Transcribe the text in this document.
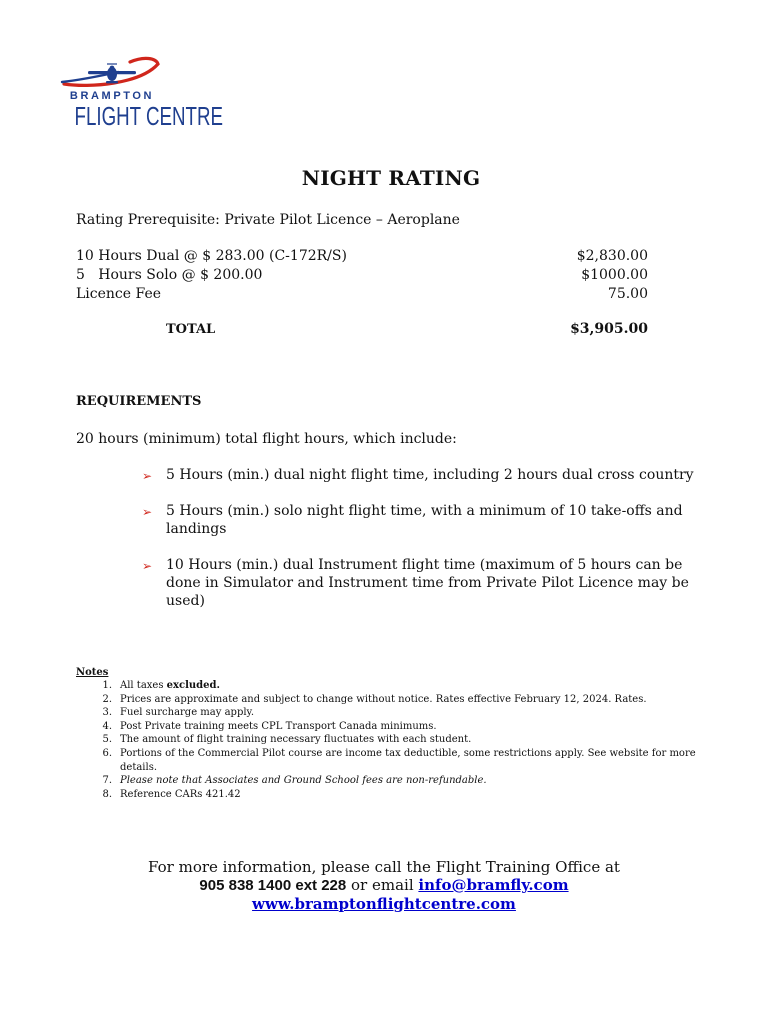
BRAMPTON
FLIGHT CENTRE
NIGHT RATING
Rating Prerequisite: Private Pilot Licence – Aeroplane
10 Hours Dual @ $ 283.00 (C-172R/S)	$2,830.00
5   Hours Solo @ $ 200.00	$1000.00
Licence Fee	75.00
TOTAL	$3,905.00
REQUIREMENTS
20 hours (minimum) total flight hours, which include:
➢ 5 Hours (min.) dual night flight time, including 2 hours dual cross country
➢ 5 Hours (min.) solo night flight time, with a minimum of 10 take-offs and landings
➢ 10 Hours (min.) dual Instrument flight time (maximum of 5 hours can be done in Simulator and Instrument time from Private Pilot Licence may be used)
Notes
1. All taxes excluded.
2. Prices are approximate and subject to change without notice. Rates effective February 12, 2024. Rates.
3. Fuel surcharge may apply.
4. Post Private training meets CPL Transport Canada minimums.
5. The amount of flight training necessary fluctuates with each student.
6. Portions of the Commercial Pilot course are income tax deductible, some restrictions apply. See website for more details.
7. Please note that Associates and Ground School fees are non-refundable.
8. Reference CARs 421.42
For more information, please call the Flight Training Office at
905 838 1400 ext 228 or email info@bramfly.com
www.bramptonflightcentre.com
